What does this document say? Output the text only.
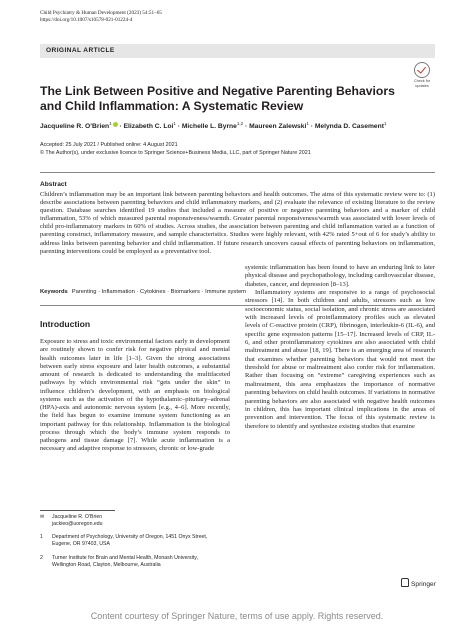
Child Psychiatry & Human Development (2023) 54:51–65
https://doi.org/10.1007/s10578-021-01224-4
ORIGINAL ARTICLE
Check for updates
The Link Between Positive and Negative Parenting Behaviors and Child Inflammation: A Systematic Review
Jacqueline R. O’Brien$^1$ · Elizabeth C. Loi$^1$ · Michelle L. Byrne$^{1,2}$ · Maureen Zalewski$^1$ · Melynda D. Casement$^1$
Accepted: 25 July 2021 / Published online: 4 August 2021
© The Author(s), under exclusive licence to Springer Science+Business Media, LLC, part of Springer Nature 2021
Abstract
Children’s inflammation may be an important link between parenting behaviors and health outcomes. The aims of this systematic review were to: (1) describe associations between parenting behaviors and child inflammatory markers, and (2) evaluate the relevance of existing literature to the review question. Database searches identified 19 studies that included a measure of positive or negative parenting behaviors and a marker of child inflammation, 53% of which measured parental responsiveness/warmth. Greater parental responsiveness/warmth was associated with lower levels of child pro-inflammatory markers in 60% of studies. Across studies, the association between parenting and child inflammation varied as a function of parenting construct, inflammatory measure, and sample characteristics. Studies were highly relevant, with 42% rated 5+out of 6 for study’s ability to address links between parenting behavior and child inflammation. If future research uncovers causal effects of parenting behaviors on inflammation, parenting interventions could be employed as a preventative tool.
Keywords Parenting · Inflammation · Cytokines · Biomarkers · Immune system
Introduction

Exposure to stress and toxic environmental factors early in development are routinely shown to confer risk for negative physical and mental health outcomes later in life [1–3]. Given the strong associations between early stress exposure and later health outcomes, a substantial amount of research is dedicated to understanding the multifaceted pathways by which environmental risk “gets under the skin” to influence children’s development, with an emphasis on biological systems such as the activation of the hypothalamic–pituitary–adrenal (HPA)-axis and autonomic nervous system [e.g., 4–6]. More recently, the field has begun to examine immune system functioning as an important pathway for this relationship. Inflammation is the biological process through which the body’s immune system responds to pathogens and tissue damage [7]. While acute inflammation is a necessary and adaptive response to stressors, chronic or low-grade

systemic inflammation has been found to have an enduring link to later physical disease and psychopathology, including cardiovascular disease, diabetes, cancer, and depression [8–13].

Inflammatory systems are responsive to a range of psychosocial stressors [14]. In both children and adults, stressors such as low socioeconomic status, social isolation, and chronic stress are associated with increased levels of proinflammatory profiles such as elevated levels of C-reactive protein (CRP), fibrinogen, interleukin-6 (IL-6), and specific gene expression patterns [15–17]. Increased levels of CRP, IL-6, and other proinflammatory cytokines are also associated with child maltreatment and abuse [18, 19]. There is an emerging area of research that examines whether parenting behaviors that would not meet the threshold for abuse or maltreatment also confer risk for inflammation. Rather than focusing on “extreme” caregiving experiences such as maltreatment, this area emphasizes the importance of normative parenting behaviors on child health outcomes. If variations in normative parenting behaviors are also associated with negative health outcomes in children, this has important clinical implications in the areas of prevention and intervention. The focus of this systematic review is therefore to identify and synthesize existing studies that examine

✉ Jacqueline R. O’Brien
jackieo@uoregon.edu
1 Department of Psychology, University of Oregon, 1451 Onyx Street, Eugene, OR 97403, USA
2 Turner Institute for Brain and Mental Health, Monash University, Wellington Road, Clayton, Melbourne, Australia
Springer
Content courtesy of Springer Nature, terms of use apply. Rights reserved.
